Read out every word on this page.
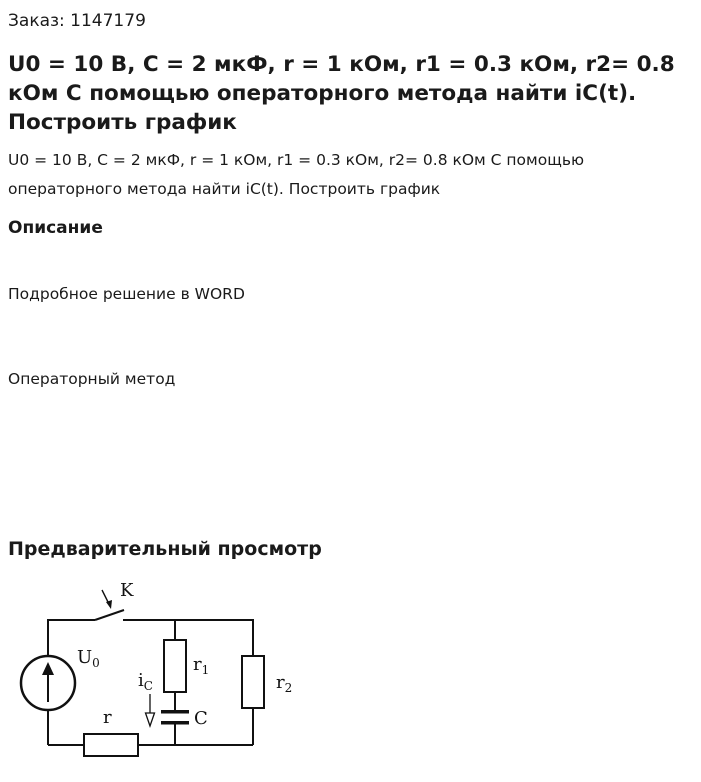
Заказ: 1147179
U0 = 10 В, C = 2 мкФ, r = 1 кОм, r1 = 0.3 кОм, r2= 0.8 кОм С помощью операторного метода найти iC(t). Построить график

U0 = 10 В, C = 2 мкФ, r = 1 кОм, r1 = 0.3 кОм, r2= 0.8 кОм С помощью операторного метода найти iC(t). Построить график

Описание

Подробное решение в WORD

Операторный метод

Предварительный просмотр
K
$U_0$
$i_C$
C
r
$r_1$
$r_2$
